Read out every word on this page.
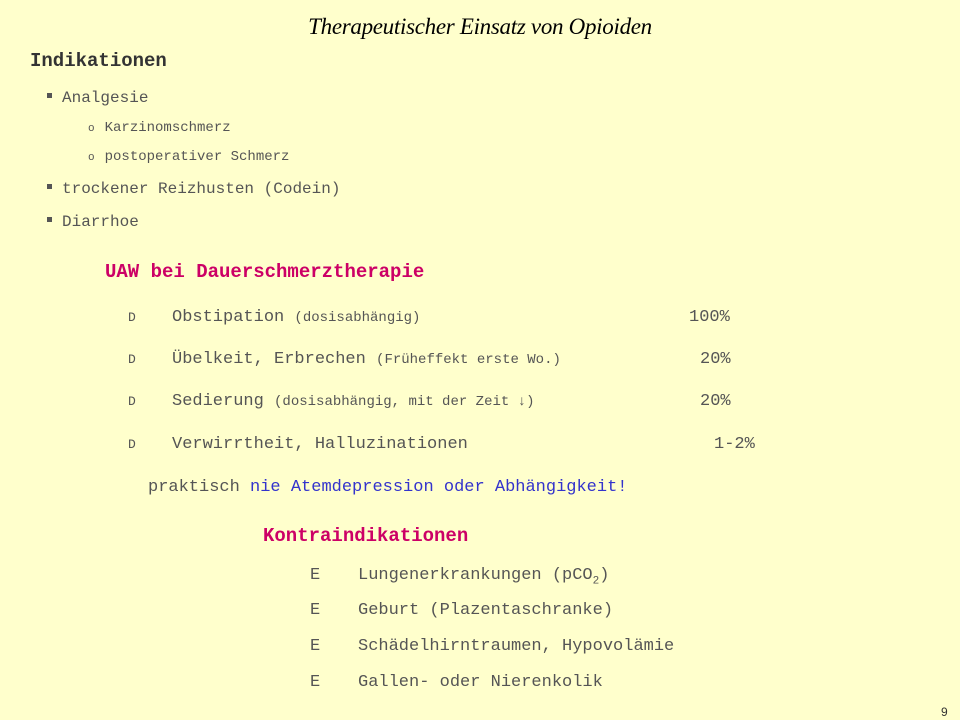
Therapeutischer Einsatz von Opioiden
Indikationen
Analgesie
o Karzinomschmerz
o postoperativer Schmerz
trockener Reizhusten (Codein)
Diarrhoe
UAW bei Dauerschmerztherapie
D Obstipation (dosisabhängig)	100%
D Übelkeit, Erbrechen (Früheffekt erste Wo.)	20%
D Sedierung (dosisabhängig, mit der Zeit ↓)	20%
D Verwirrtheit, Halluzinationen	1-2%
praktisch nie Atemdepression oder Abhängigkeit!
Kontraindikationen
E Lungenerkrankungen (pCO$_2$)
E Geburt (Plazentaschranke)
E Schädelhirntraumen, Hypovolämie
E Gallen- oder Nierenkolik
9
